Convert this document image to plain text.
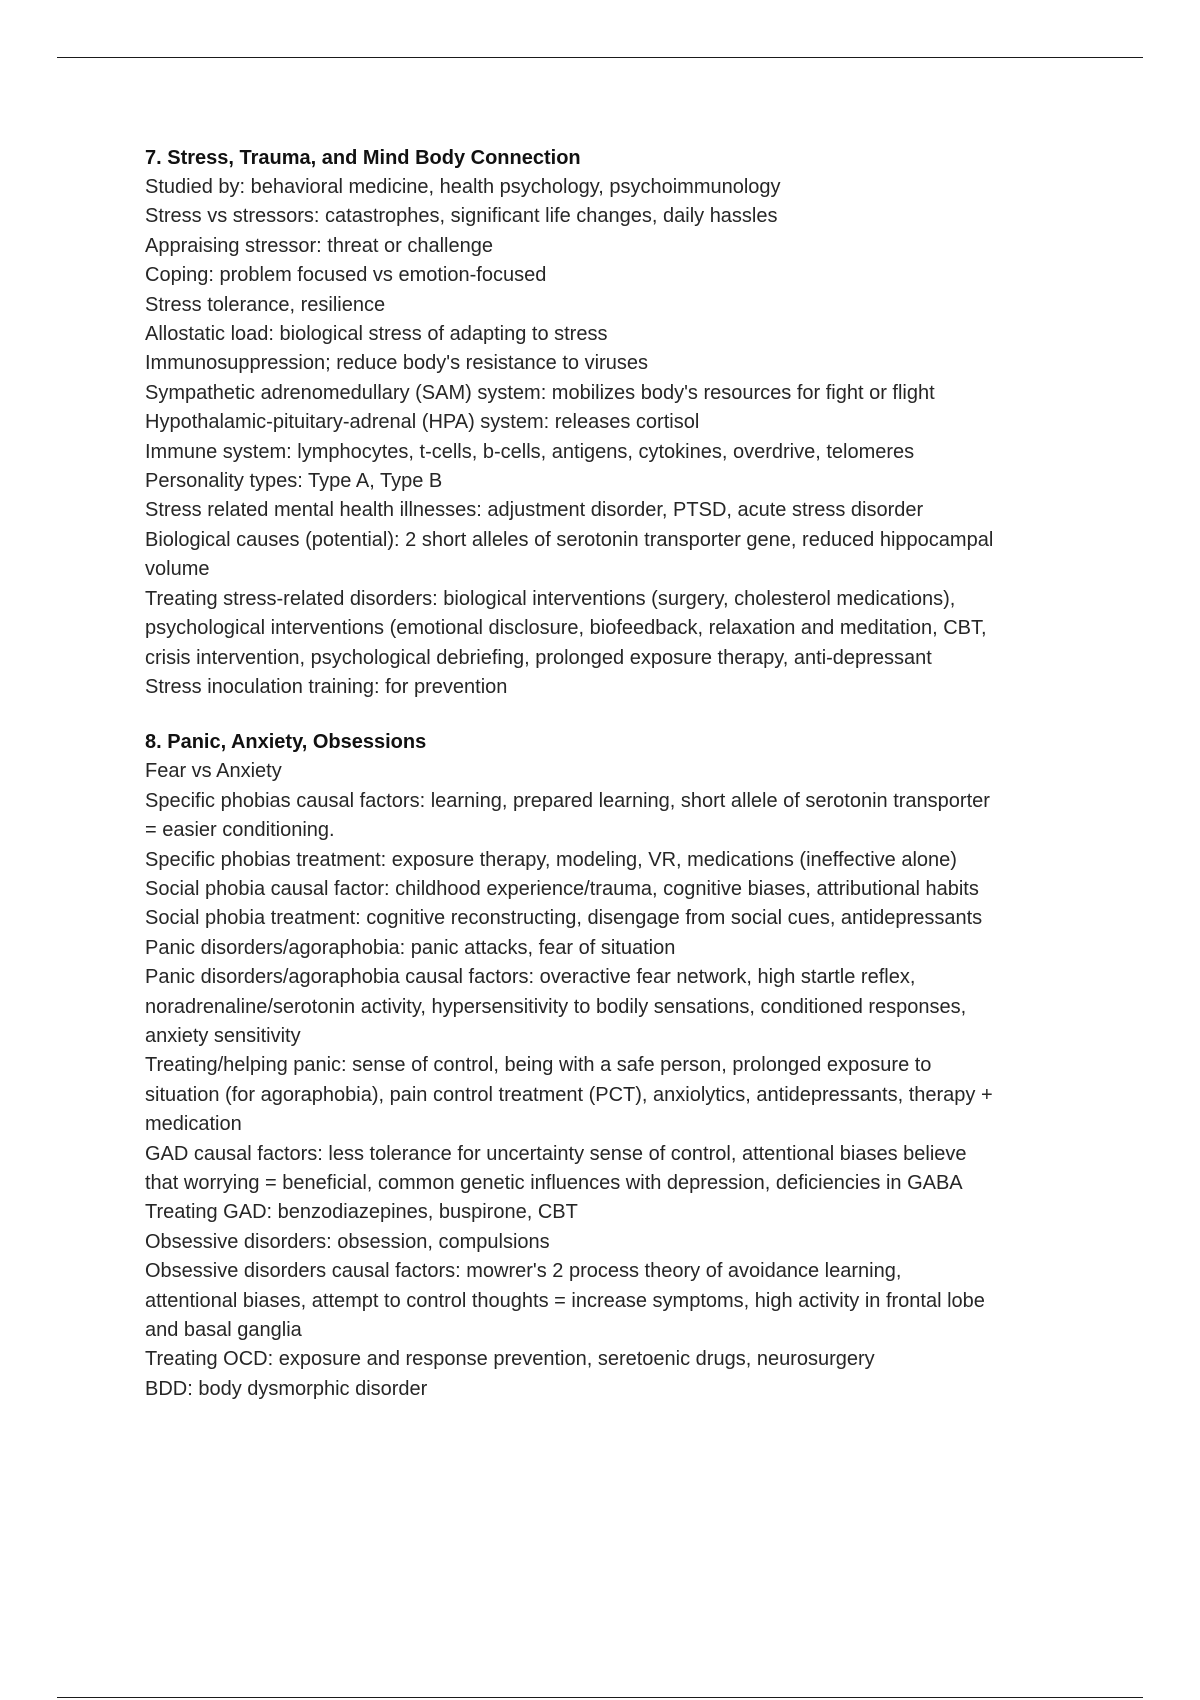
7. Stress, Trauma, and Mind Body Connection
Studied by: behavioral medicine, health psychology, psychoimmunology
Stress vs stressors: catastrophes, significant life changes, daily hassles
Appraising stressor: threat or challenge
Coping: problem focused vs emotion-focused
Stress tolerance, resilience
Allostatic load: biological stress of adapting to stress
Immunosuppression; reduce body's resistance to viruses
Sympathetic adrenomedullary (SAM) system: mobilizes body's resources for fight or flight
Hypothalamic-pituitary-adrenal (HPA) system: releases cortisol
Immune system: lymphocytes, t-cells, b-cells, antigens, cytokines, overdrive, telomeres
Personality types: Type A, Type B
Stress related mental health illnesses: adjustment disorder, PTSD, acute stress disorder
Biological causes (potential): 2 short alleles of serotonin transporter gene, reduced hippocampal
volume
Treating stress-related disorders: biological interventions (surgery, cholesterol medications),
psychological interventions (emotional disclosure, biofeedback, relaxation and meditation, CBT,
crisis intervention, psychological debriefing, prolonged exposure therapy, anti-depressant
Stress inoculation training: for prevention
8. Panic, Anxiety, Obsessions
Fear vs Anxiety
Specific phobias causal factors: learning, prepared learning, short allele of serotonin transporter
= easier conditioning.
Specific phobias treatment: exposure therapy, modeling, VR, medications (ineffective alone)
Social phobia causal factor: childhood experience/trauma, cognitive biases, attributional habits
Social phobia treatment: cognitive reconstructing, disengage from social cues, antidepressants
Panic disorders/agoraphobia: panic attacks, fear of situation
Panic disorders/agoraphobia causal factors: overactive fear network, high startle reflex,
noradrenaline/serotonin activity, hypersensitivity to bodily sensations, conditioned responses,
anxiety sensitivity
Treating/helping panic: sense of control, being with a safe person, prolonged exposure to
situation (for agoraphobia), pain control treatment (PCT), anxiolytics, antidepressants, therapy +
medication
GAD causal factors: less tolerance for uncertainty sense of control, attentional biases believe
that worrying = beneficial, common genetic influences with depression, deficiencies in GABA
Treating GAD: benzodiazepines, buspirone, CBT
Obsessive disorders: obsession, compulsions
Obsessive disorders causal factors: mowrer's 2 process theory of avoidance learning,
attentional biases, attempt to control thoughts = increase symptoms, high activity in frontal lobe
and basal ganglia
Treating OCD: exposure and response prevention, seretoenic drugs, neurosurgery
BDD: body dysmorphic disorder
